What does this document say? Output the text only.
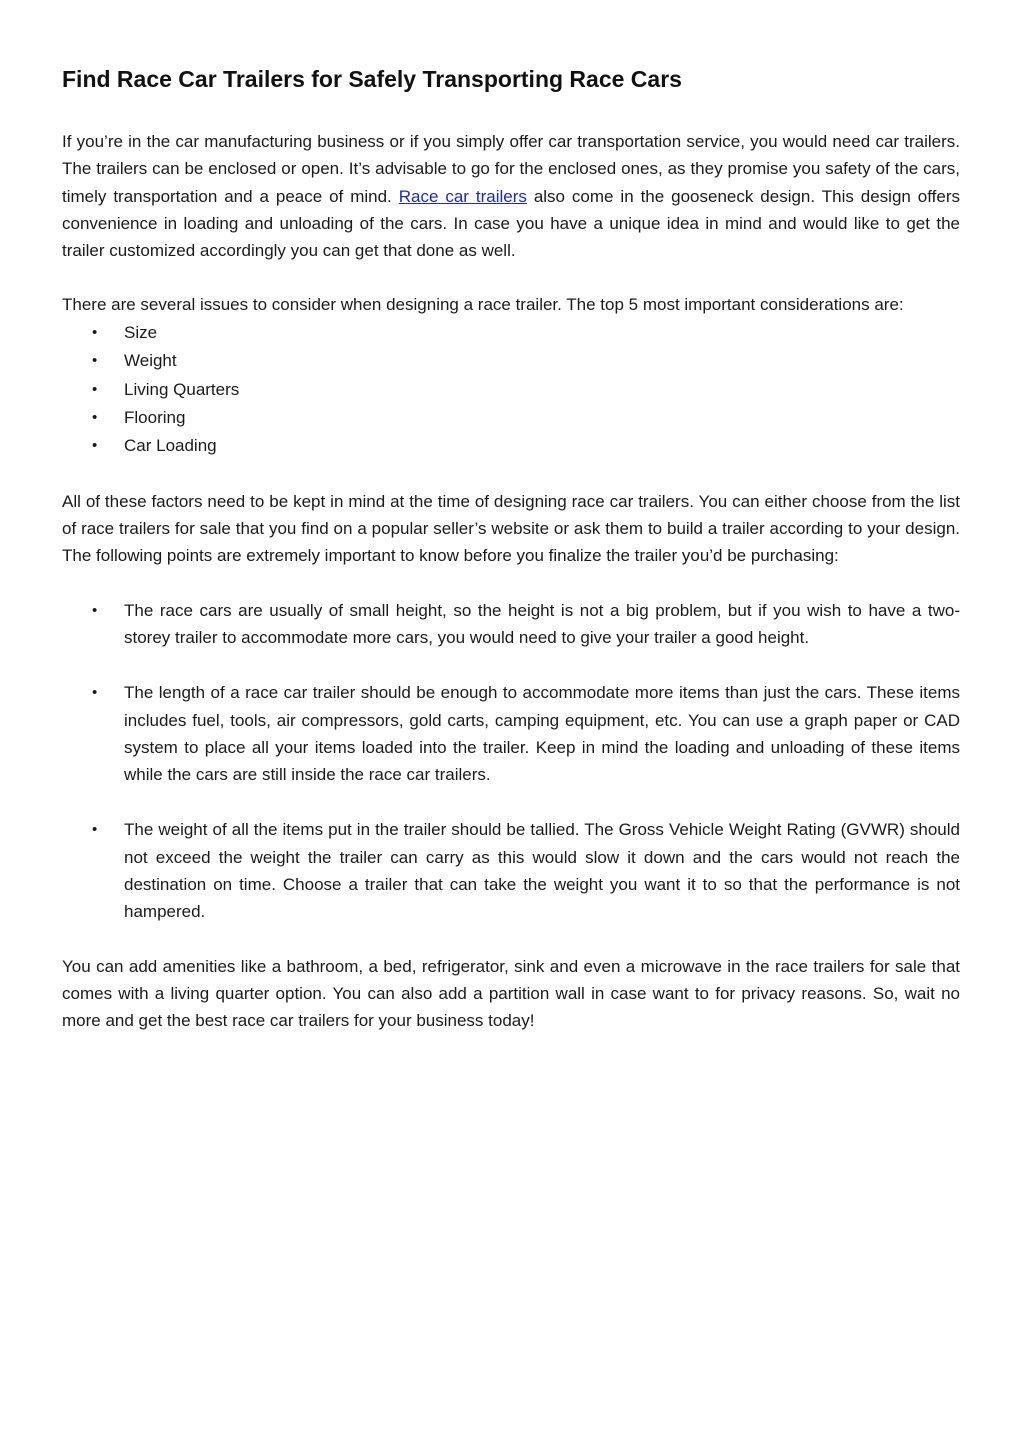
Find Race Car Trailers for Safely Transporting Race Cars

If you’re in the car manufacturing business or if you simply offer car transportation service, you would need car trailers. The trailers can be enclosed or open. It’s advisable to go for the enclosed ones, as they promise you safety of the cars, timely transportation and a peace of mind. Race car trailers also come in the gooseneck design. This design offers convenience in loading and unloading of the cars. In case you have a unique idea in mind and would like to get the trailer customized accordingly you can get that done as well.

There are several issues to consider when designing a race trailer. The top 5 most important considerations are:

• Size
• Weight
• Living Quarters
• Flooring
• Car Loading

All of these factors need to be kept in mind at the time of designing race car trailers. You can either choose from the list of race trailers for sale that you find on a popular seller’s website or ask them to build a trailer according to your design. The following points are extremely important to know before you finalize the trailer you’d be purchasing:

• The race cars are usually of small height, so the height is not a big problem, but if you wish to have a two-storey trailer to accommodate more cars, you would need to give your trailer a good height.
• The length of a race car trailer should be enough to accommodate more items than just the cars. These items includes fuel, tools, air compressors, gold carts, camping equipment, etc. You can use a graph paper or CAD system to place all your items loaded into the trailer. Keep in mind the loading and unloading of these items while the cars are still inside the race car trailers.
• The weight of all the items put in the trailer should be tallied. The Gross Vehicle Weight Rating (GVWR) should not exceed the weight the trailer can carry as this would slow it down and the cars would not reach the destination on time. Choose a trailer that can take the weight you want it to so that the performance is not hampered.

You can add amenities like a bathroom, a bed, refrigerator, sink and even a microwave in the race trailers for sale that comes with a living quarter option. You can also add a partition wall in case want to for privacy reasons. So, wait no more and get the best race car trailers for your business today!
